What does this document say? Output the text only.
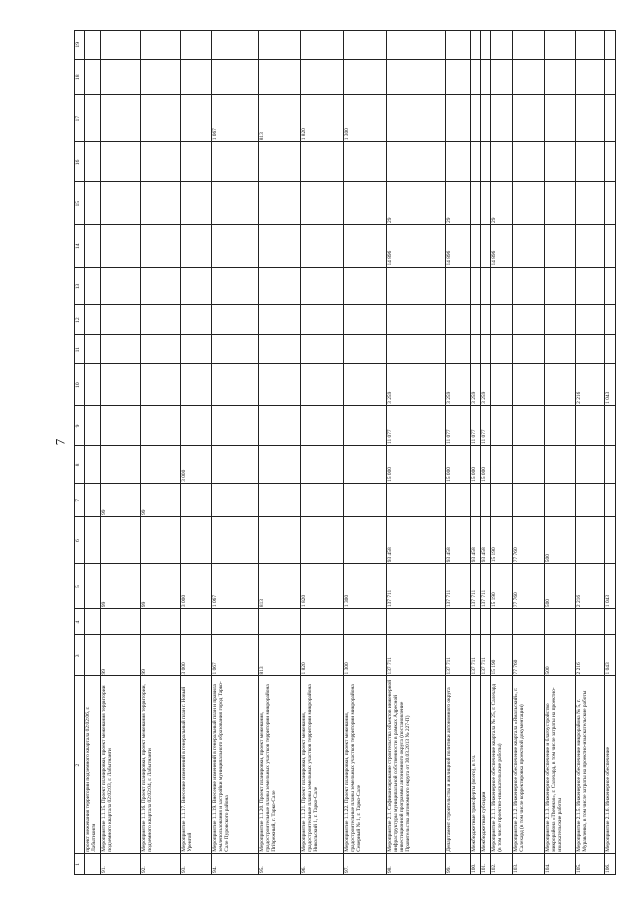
7
1
2
3
4
5
6
7
8
9
10
11
12
13
14
15
16
17
18
19
проект межевания территории подземного квартала 02:02:06, г. Лабытнанги
91.
Мероприятие 1.1.15. Проект планировки, проект межевания территории подземного квартала 02:02:03, г. Лабытнанги
99
99
99
92.
Мероприятие 1.1.16. Проект планировки, проект межевания территории, подземного квартала 02:02:04, г. Лабытнанги
99
99
99
93.
Мероприятие 1.1.17. Внесение изменений в генеральный план г. Новый Уренгой
3 000
3 000
3 000
94.
Мероприятие 1.1.19. Внесение изменений в генеральный план и правила землепользования и застройки муниципального образования город Тарко-Сале Пуровского района
1 067
1 067
1 067
95.
Мероприятие 1.1.20. Проект планировки, проект межевания, градостроительные планы земельных участков территории микрорайона Пribрежный, г. Тарко-Сале
813
813
813
96.
Мероприятие 1.1.21. Проект планировки, проект межевания, градостроительные планы земельных участков территории микрорайона Никольский 1, г. Тарко-Сале
1 820
1 820
1 820
97.
Мероприятие 1.1.22. Проект планировки, проект межевания, градостроительные планы земельных участков территории микрорайона Северный № 1, г. Тарко-Сале
1 300
1 300
1 300
98.
Мероприятие 2.1. Софинансирование строительства объектов инженерной инфраструктуры муниципальной собственности в рамках Адресной инвестиционной программы автономного округа (постановление Правительства автономного округа от 30.03.2013 № 227-П)
137 711
137 711
93 458
15 000
11 077
3 259
14 896
29
99.
Департамент строительства и жилищной политики автономного округа
137 711
137 711
93 458
15 000
11 077
3 259
14 896
29
100.
Межбюджетные трансферты (всего), в т.ч.
137 711
137 711
93 458
15 000
11 077
3 259
101.
Межбюджетные субсидии
137 711
137 711
93 458
15 000
11 077
3 259
102.
Мероприятие 2.1.1. Инженерное обеспечение квартала № 25, г. Салехард (в том числе проектно-изыскательские работы)
15 190
15 190
15 190
14 896
29
103.
Мероприятие 2.1.2. Инженерное обеспечение квартала «Ямальский», г. Салехард (в том числе корректировка проектной документации)
77 760
77 760
77 760
104.
Мероприятие 2.1.3. Инженерное обеспечение и благоустройство микрорайона «Theмная», г. Салехард, в том числе затраты на проектно-изыскательские работы
500
500
500
105.
Мероприятие 2.1.5. Инженерное обеспечение микрорайона № 5, г. Муравленко, в том числе затраты на проектно-изыскательские работы
2 216
2 216
2 216
106.
Мероприятие 2.1.6. Инженерное обеспечение
1 043
1 043
1 043
